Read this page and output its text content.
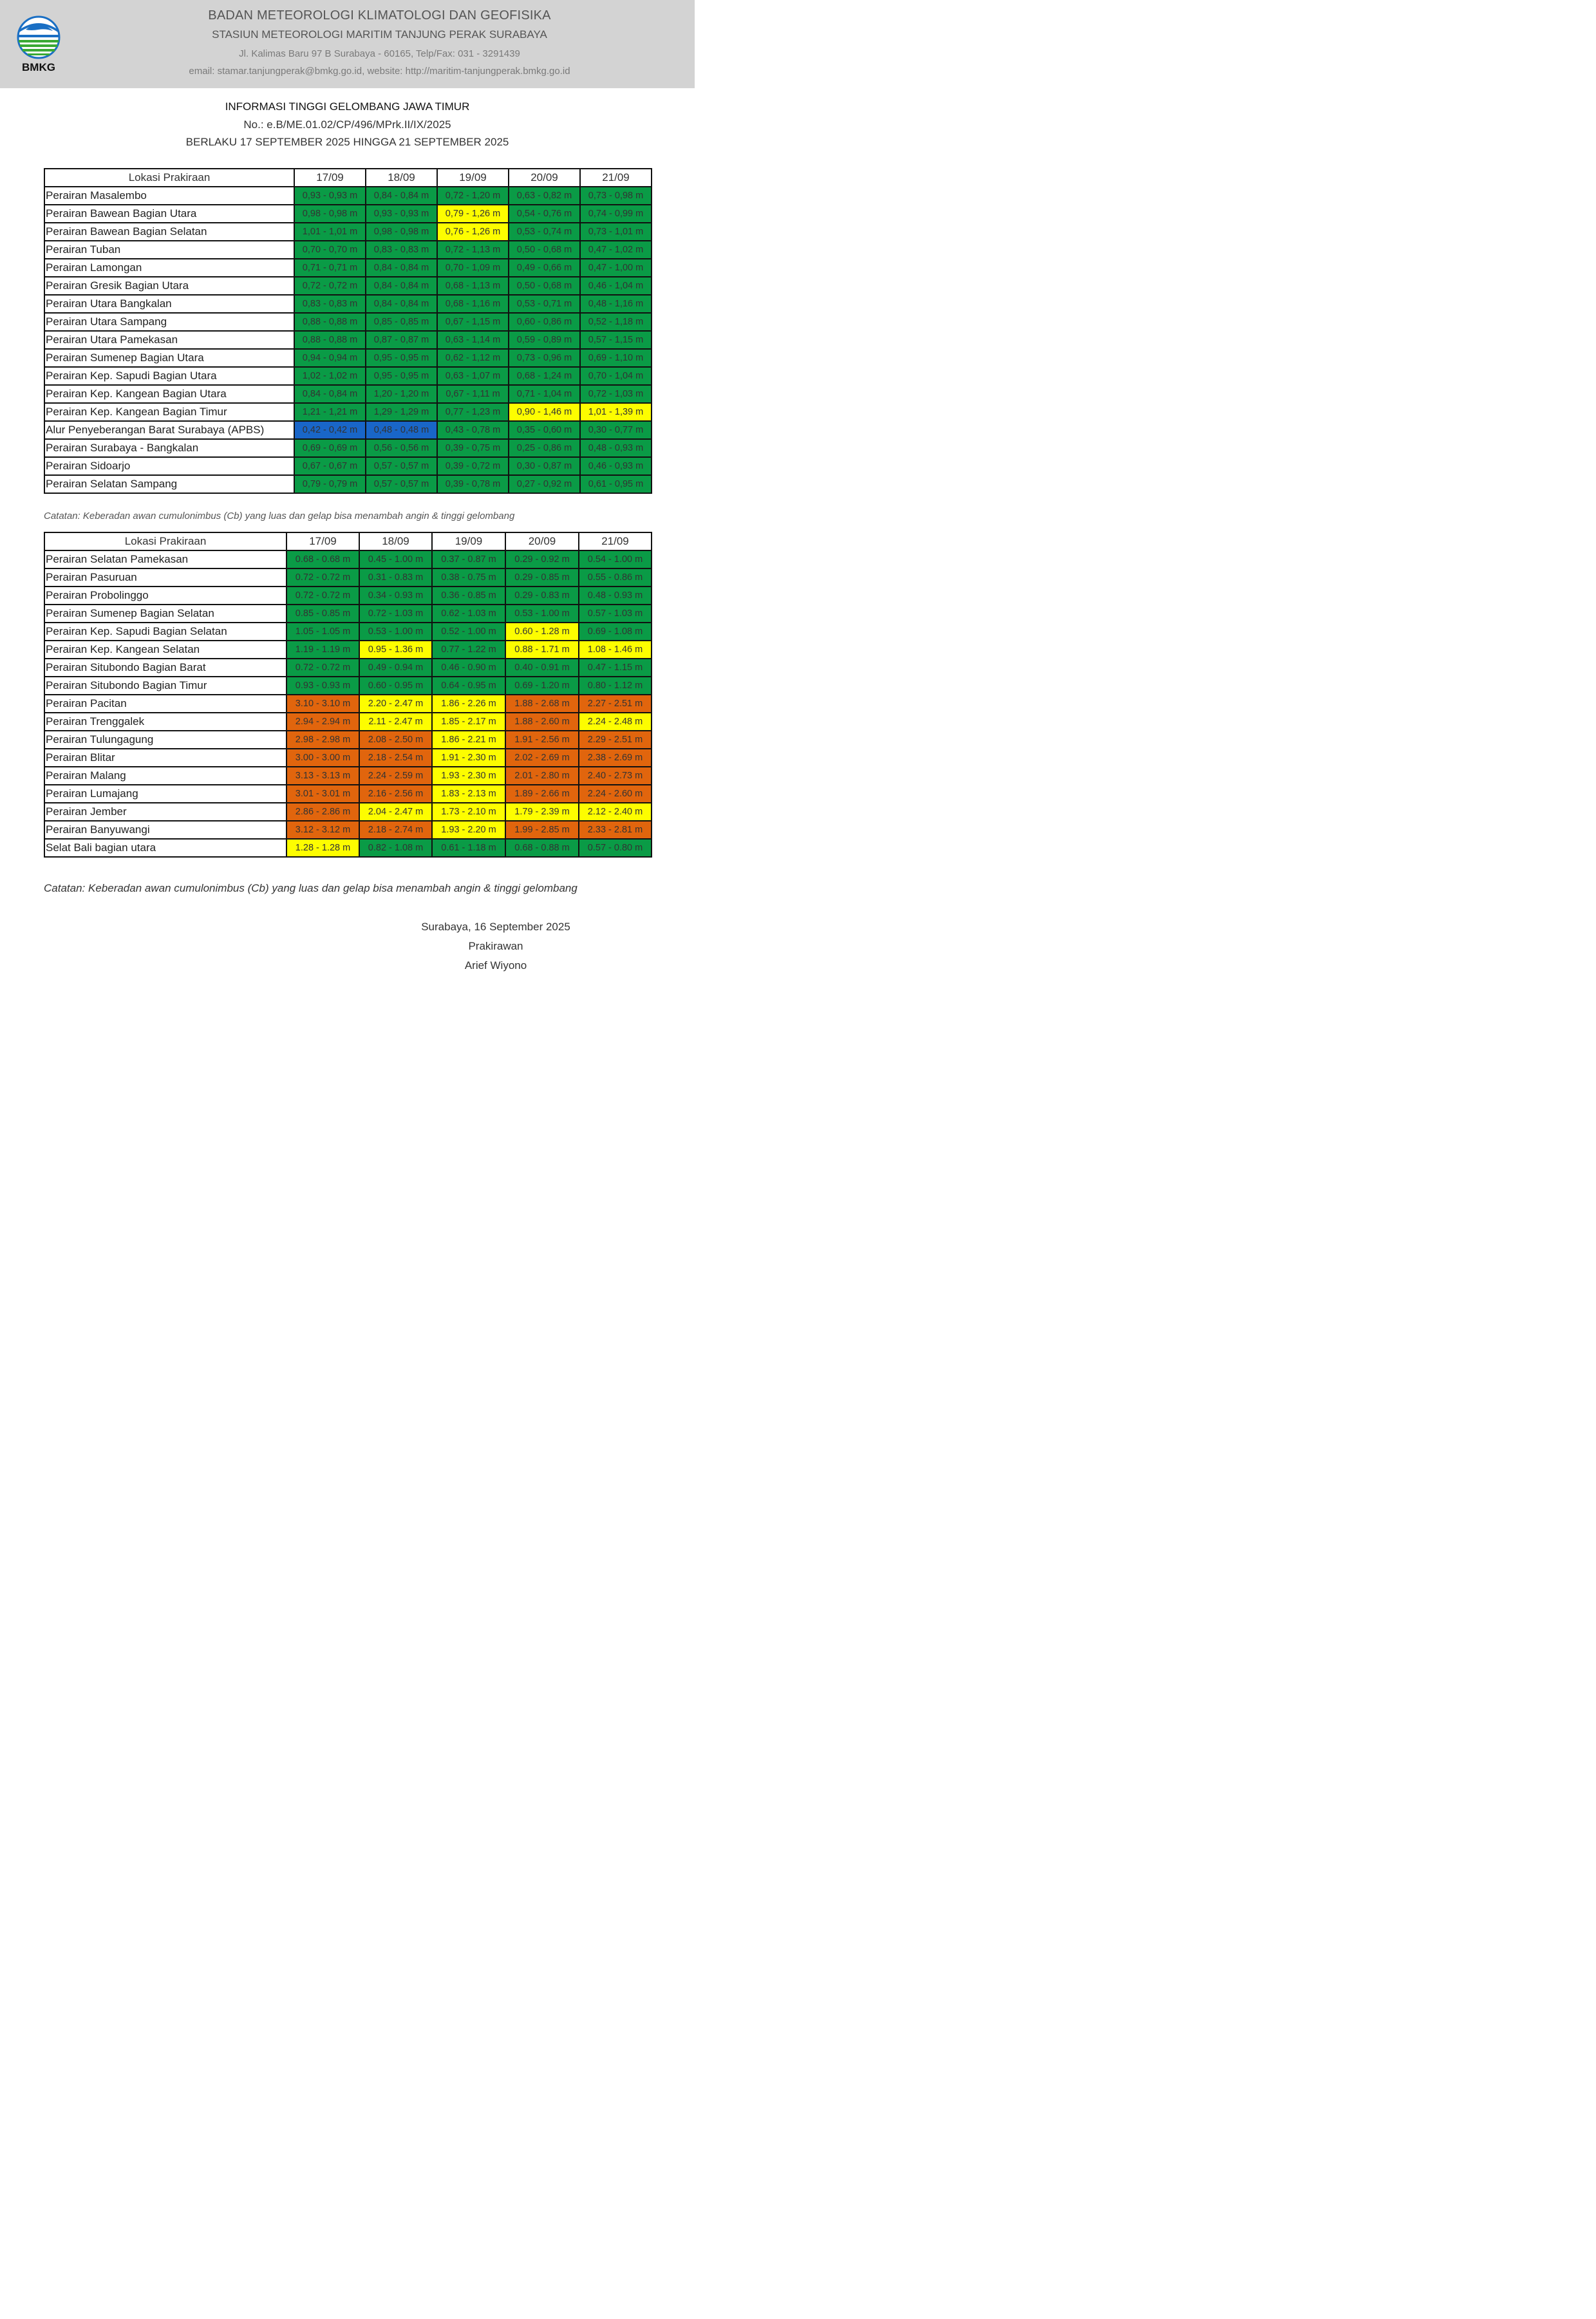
BMKG
BADAN METEOROLOGI KLIMATOLOGI DAN GEOFISIKA
STASIUN METEOROLOGI MARITIM TANJUNG PERAK SURABAYA
Jl. Kalimas Baru 97 B Surabaya - 60165, Telp/Fax: 031 - 3291439
email: stamar.tanjungperak@bmkg.go.id, website: http://maritim-tanjungperak.bmkg.go.id
INFORMASI TINGGI GELOMBANG JAWA TIMUR
No.: e.B/ME.01.02/CP/496/MPrk.II/IX/2025
BERLAKU 17 SEPTEMBER 2025 HINGGA 21 SEPTEMBER 2025
Lokasi Prakiraan	17/09	18/09	19/09	20/09	21/09
Perairan Masalembo	0,93 - 0,93 m	0,84 - 0,84 m	0,72 - 1,20 m	0,63 - 0,82 m	0,73 - 0,98 m
Perairan Bawean Bagian Utara	0,98 - 0,98 m	0,93 - 0,93 m	0,79 - 1,26 m	0,54 - 0,76 m	0,74 - 0,99 m
Perairan Bawean Bagian Selatan	1,01 - 1,01 m	0,98 - 0,98 m	0,76 - 1,26 m	0,53 - 0,74 m	0,73 - 1,01 m
Perairan Tuban	0,70 - 0,70 m	0,83 - 0,83 m	0,72 - 1,13 m	0,50 - 0,68 m	0,47 - 1,02 m
Perairan Lamongan	0,71 - 0,71 m	0,84 - 0,84 m	0,70 - 1,09 m	0,49 - 0,66 m	0,47 - 1,00 m
Perairan Gresik Bagian Utara	0,72 - 0,72 m	0,84 - 0,84 m	0,68 - 1,13 m	0,50 - 0,68 m	0,46 - 1,04 m
Perairan Utara Bangkalan	0,83 - 0,83 m	0,84 - 0,84 m	0,68 - 1,16 m	0,53 - 0,71 m	0,48 - 1,16 m
Perairan Utara Sampang	0,88 - 0,88 m	0,85 - 0,85 m	0,67 - 1,15 m	0,60 - 0,86 m	0,52 - 1,18 m
Perairan Utara Pamekasan	0,88 - 0,88 m	0,87 - 0,87 m	0,63 - 1,14 m	0,59 - 0,89 m	0,57 - 1,15 m
Perairan Sumenep Bagian Utara	0,94 - 0,94 m	0,95 - 0,95 m	0,62 - 1,12 m	0,73 - 0,96 m	0,69 - 1,10 m
Perairan Kep. Sapudi Bagian Utara	1,02 - 1,02 m	0,95 - 0,95 m	0,63 - 1,07 m	0,68 - 1,24 m	0,70 - 1,04 m
Perairan Kep. Kangean Bagian Utara	0,84 - 0,84 m	1,20 - 1,20 m	0,67 - 1,11 m	0,71 - 1,04 m	0,72 - 1,03 m
Perairan Kep. Kangean Bagian Timur	1,21 - 1,21 m	1,29 - 1,29 m	0,77 - 1,23 m	0,90 - 1,46 m	1,01 - 1,39 m
Alur Penyeberangan Barat Surabaya (APBS)	0,42 - 0,42 m	0,48 - 0,48 m	0,43 - 0,78 m	0,35 - 0,60 m	0,30 - 0,77 m
Perairan Surabaya - Bangkalan	0,69 - 0,69 m	0,56 - 0,56 m	0,39 - 0,75 m	0,25 - 0,86 m	0,48 - 0,93 m
Perairan Sidoarjo	0,67 - 0,67 m	0,57 - 0,57 m	0,39 - 0,72 m	0,30 - 0,87 m	0,46 - 0,93 m
Perairan Selatan Sampang	0,79 - 0,79 m	0,57 - 0,57 m	0,39 - 0,78 m	0,27 - 0,92 m	0,61 - 0,95 m
Catatan: Keberadan awan cumulonimbus (Cb) yang luas dan gelap bisa menambah angin & tinggi gelombang
Lokasi Prakiraan	17/09	18/09	19/09	20/09	21/09
Perairan Selatan Pamekasan	0.68 - 0.68 m	0.45 - 1.00 m	0.37 - 0.87 m	0.29 - 0.92 m	0.54 - 1.00 m
Perairan Pasuruan	0.72 - 0.72 m	0.31 - 0.83 m	0.38 - 0.75 m	0.29 - 0.85 m	0.55 - 0.86 m
Perairan Probolinggo	0.72 - 0.72 m	0.34 - 0.93 m	0.36 - 0.85 m	0.29 - 0.83 m	0.48 - 0.93 m
Perairan Sumenep Bagian Selatan	0.85 - 0.85 m	0.72 - 1.03 m	0.62 - 1.03 m	0.53 - 1.00 m	0.57 - 1.03 m
Perairan Kep. Sapudi Bagian Selatan	1.05 - 1.05 m	0.53 - 1.00 m	0.52 - 1.00 m	0.60 - 1.28 m	0.69 - 1.08 m
Perairan Kep. Kangean Selatan	1.19 - 1.19 m	0.95 - 1.36 m	0.77 - 1.22 m	0.88 - 1.71 m	1.08 - 1.46 m
Perairan Situbondo Bagian Barat	0.72 - 0.72 m	0.49 - 0.94 m	0.46 - 0.90 m	0.40 - 0.91 m	0.47 - 1.15 m
Perairan Situbondo Bagian Timur	0.93 - 0.93 m	0.60 - 0.95 m	0.64 - 0.95 m	0.69 - 1.20 m	0.80 - 1.12 m
Perairan Pacitan	3.10 - 3.10 m	2.20 - 2.47 m	1.86 - 2.26 m	1.88 - 2.68 m	2.27 - 2.51 m
Perairan Trenggalek	2.94 - 2.94 m	2.11 - 2.47 m	1.85 - 2.17 m	1.88 - 2.60 m	2.24 - 2.48 m
Perairan Tulungagung	2.98 - 2.98 m	2.08 - 2.50 m	1.86 - 2.21 m	1.91 - 2.56 m	2.29 - 2.51 m
Perairan Blitar	3.00 - 3.00 m	2.18 - 2.54 m	1.91 - 2.30 m	2.02 - 2.69 m	2.38 - 2.69 m
Perairan Malang	3.13 - 3.13 m	2.24 - 2.59 m	1.93 - 2.30 m	2.01 - 2.80 m	2.40 - 2.73 m
Perairan Lumajang	3.01 - 3.01 m	2.16 - 2.56 m	1.83 - 2.13 m	1.89 - 2.66 m	2.24 - 2.60 m
Perairan Jember	2.86 - 2.86 m	2.04 - 2.47 m	1.73 - 2.10 m	1.79 - 2.39 m	2.12 - 2.40 m
Perairan Banyuwangi	3.12 - 3.12 m	2.18 - 2.74 m	1.93 - 2.20 m	1.99 - 2.85 m	2.33 - 2.81 m
Selat Bali bagian utara	1.28 - 1.28 m	0.82 - 1.08 m	0.61 - 1.18 m	0.68 - 0.88 m	0.57 - 0.80 m
Catatan: Keberadan awan cumulonimbus (Cb) yang luas dan gelap bisa menambah angin & tinggi gelombang
Surabaya, 16 September 2025
Prakirawan
Arief Wiyono
